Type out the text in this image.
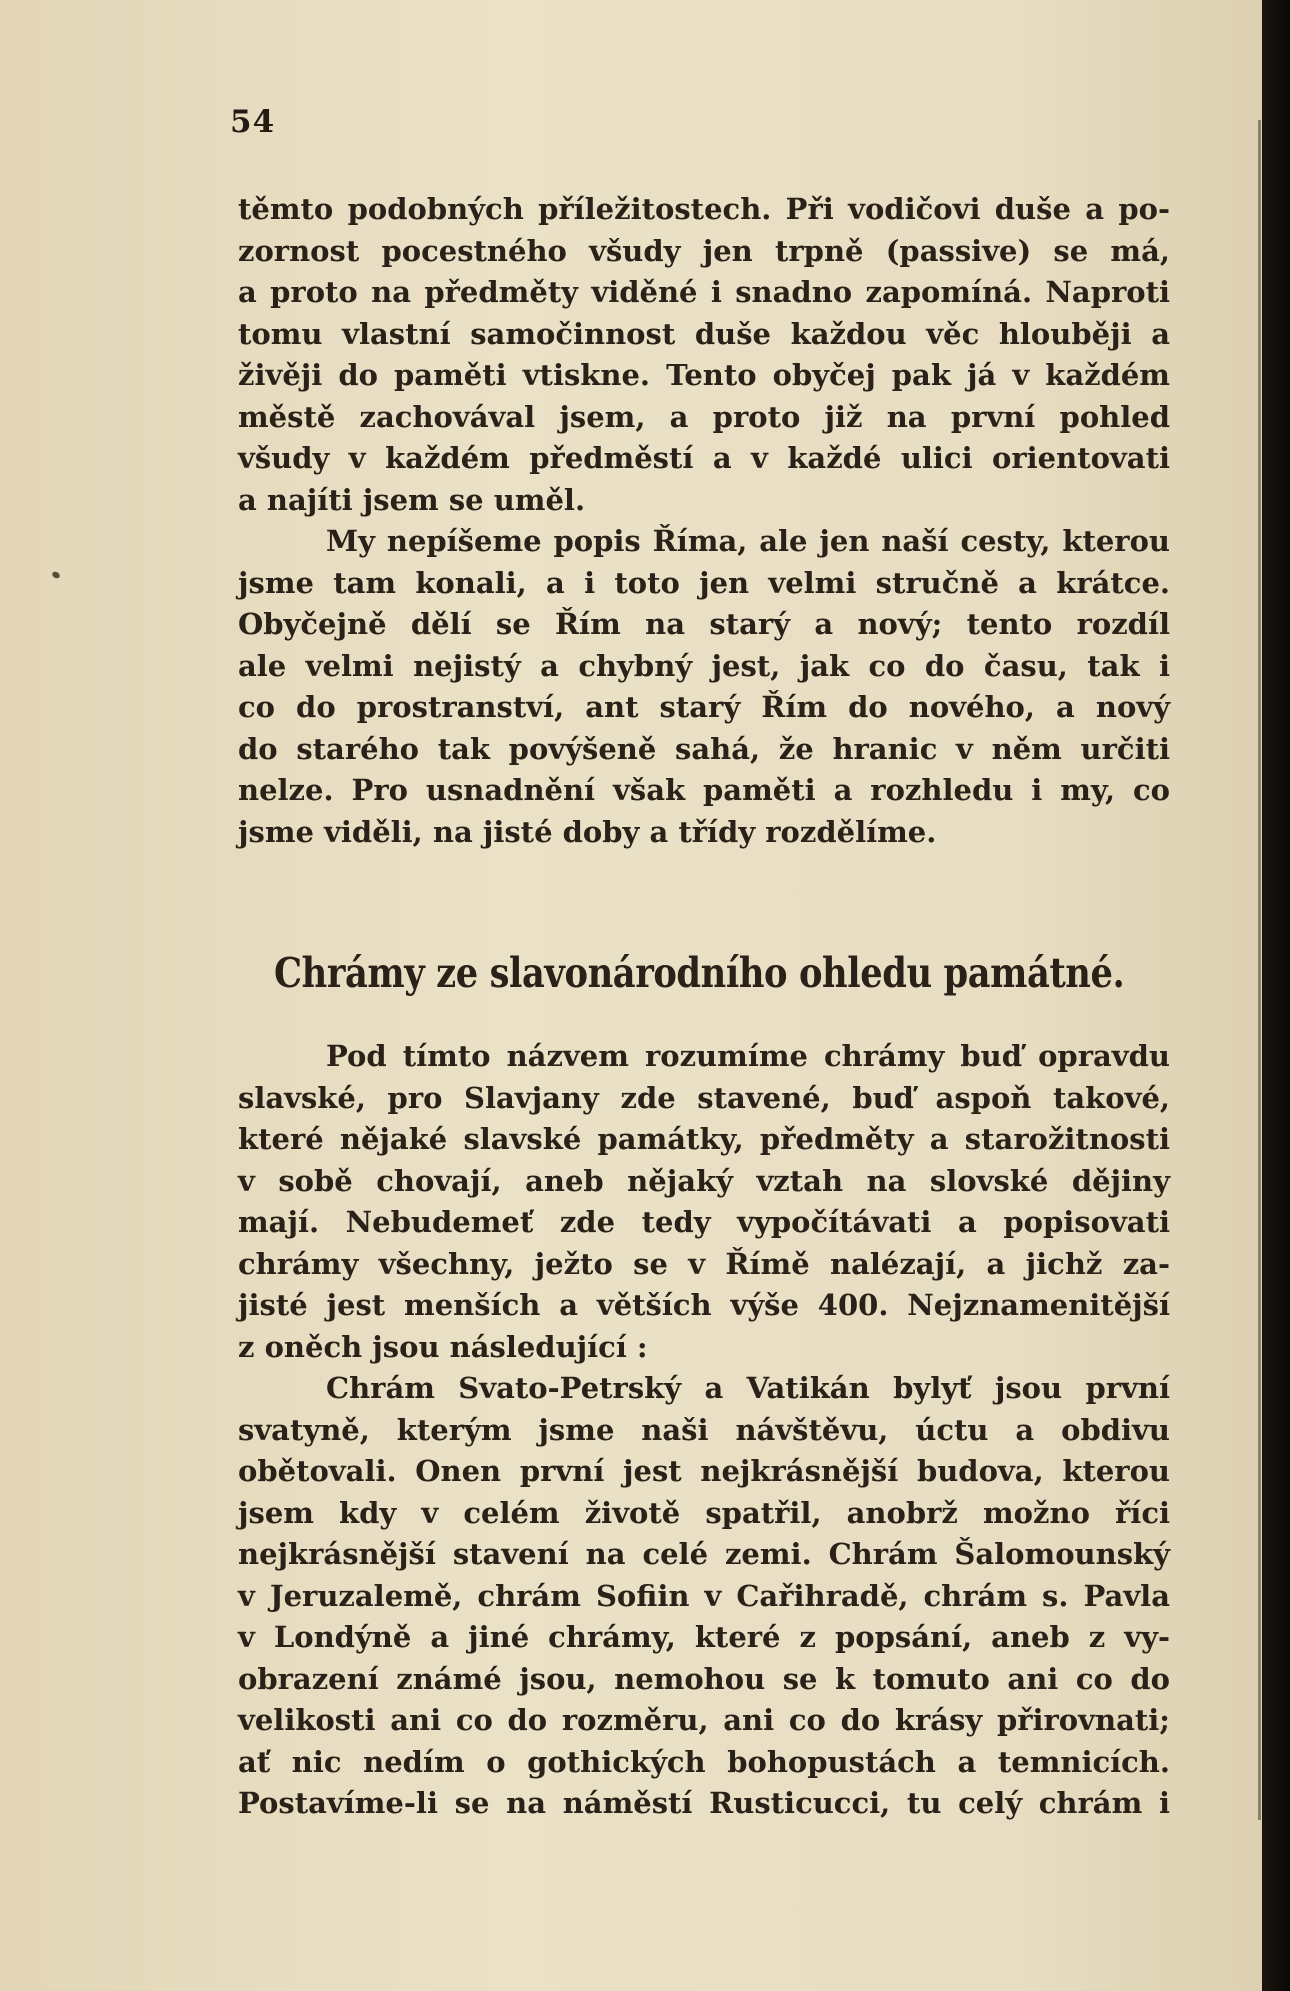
54
těmto podobných příležitostech. Při vodičovi duše a po-
zornost pocestného všudy jen trpně (passive) se má,
a proto na předměty viděné i snadno zapomíná. Naproti
tomu vlastní samočinnost duše každou věc hlouběji a
živěji do paměti vtiskne. Tento obyčej pak já v každém
městě zachovával jsem, a proto již na první pohled
všudy v každém předměstí a v každé ulici orientovati
a najíti jsem se uměl.
My nepíšeme popis Říma, ale jen naší cesty, kterou
jsme tam konali, a i toto jen velmi stručně a krátce.
Obyčejně dělí se Řím na starý a nový; tento rozdíl
ale velmi nejistý a chybný jest, jak co do času, tak i
co do prostranství, ant starý Řím do nového, a nový
do starého tak povýšeně sahá, že hranic v něm určiti
nelze. Pro usnadnění však paměti a rozhledu i my, co
jsme viděli, na jisté doby a třídy rozdělíme.
Chrámy ze slavonárodního ohledu památné.
Pod tímto názvem rozumíme chrámy buď opravdu
slavské, pro Slavjany zde stavené, buď aspoň takové,
které nějaké slavské památky, předměty a starožitnosti
v sobě chovají, aneb nějaký vztah na slovské dějiny
mají. Nebudemeť zde tedy vypočítávati a popisovati
chrámy všechny, ježto se v Římě nalézají, a jichž za-
jisté jest menších a větších výše 400. Nejznamenitější
z oněch jsou následující :
Chrám Svato-Petrský a Vatikán bylyť jsou první
svatyně, kterým jsme naši návštěvu, úctu a obdivu
obětovali. Onen první jest nejkrásnější budova, kterou
jsem kdy v celém životě spatřil, anobrž možno říci
nejkrásnější stavení na celé zemi. Chrám Šalomounský
v Jeruzalemě, chrám Sofiin v Cařihradě, chrám s. Pavla
v Londýně a jiné chrámy, které z popsání, aneb z vy-
obrazení známé jsou, nemohou se k tomuto ani co do
velikosti ani co do rozměru, ani co do krásy přirovnati;
ať nic nedím o gothických bohopustách a temnicích.
Postavíme-li se na náměstí Rusticucci, tu celý chrám i
